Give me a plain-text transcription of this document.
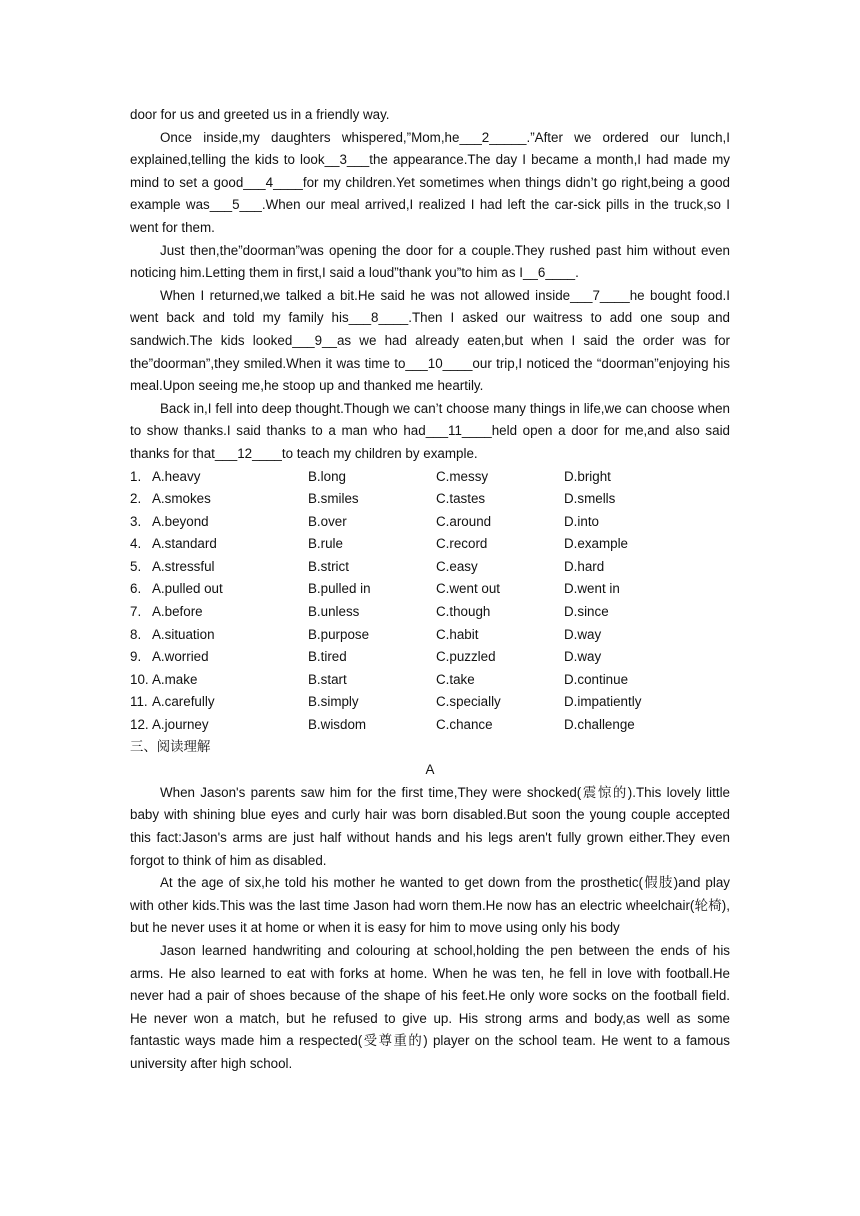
door for us and greeted us in a friendly way.

Once inside,my daughters whispered,”Mom,he___2_____.”After we ordered our lunch,I explained,telling the kids to look__3___the appearance.The day I became a month,I had made my mind to set a good___4____for my children.Yet sometimes when things didn’t go right,being a good example was___5___.When our meal arrived,I realized I had left the car-sick pills in the truck,so I went for them.

Just then,the”doorman”was opening the door for a couple.They rushed past him without even noticing him.Letting them in first,I said a loud”thank you”to him as I__6____.

When I returned,we talked a bit.He said he was not allowed inside___7____he bought food.I went back and told my family his___8____.Then I asked our waitress to add one soup and sandwich.The kids looked___9__as we had already eaten,but when I said the order was for the”doorman”,they smiled.When it was time to___10____our trip,I noticed the “doorman”enjoying his meal.Upon seeing me,he stoop up and thanked me heartily.

Back in,I fell into deep thought.Though we can’t choose many things in life,we can choose when to show thanks.I said thanks to a man who had___11____held open a door for me,and also said thanks for that___12____to teach my children by example.

1. A.heavy	B.long	C.messy	D.bright
2. A.smokes	B.smiles	C.tastes	D.smells
3. A.beyond	B.over	C.around	D.into
4. A.standard	B.rule	C.record	D.example
5. A.stressful	B.strict	C.easy	D.hard
6. A.pulled out	B.pulled in	C.went out	D.went in
7. A.before	B.unless	C.though	D.since
8. A.situation	B.purpose	C.habit	D.way
9. A.worried	B.tired	C.puzzled	D.way
10. A.make	B.start	C.take	D.continue
11. A.carefully	B.simply	C.specially	D.impatiently
12. A.journey	B.wisdom	C.chance	D.challenge

三、阅读理解

A

When Jason's parents saw him for the first time,They were shocked(震惊的).This lovely little baby with shining blue eyes and curly hair was born disabled.But soon the young couple accepted this fact:Jason's arms are just half without hands and his legs aren't fully grown either.They even forgot to think of him as disabled.

At the age of six,he told his mother he wanted to get down from the prosthetic(假肢)and play with other kids.This was the last time Jason had worn them.He now has an electric wheelchair(轮椅), but he never uses it at home or when it is easy for him to move using only his body

Jason learned handwriting and colouring at school,holding the pen between the ends of his arms. He also learned to eat with forks at home. When he was ten, he fell in love with football.He never had a pair of shoes because of the shape of his feet.He only wore socks on the football field. He never won a match, but he refused to give up. His strong arms and body,as well as some fantastic ways made him a respected(受尊重的) player on the school team. He went to a famous university after high school.
